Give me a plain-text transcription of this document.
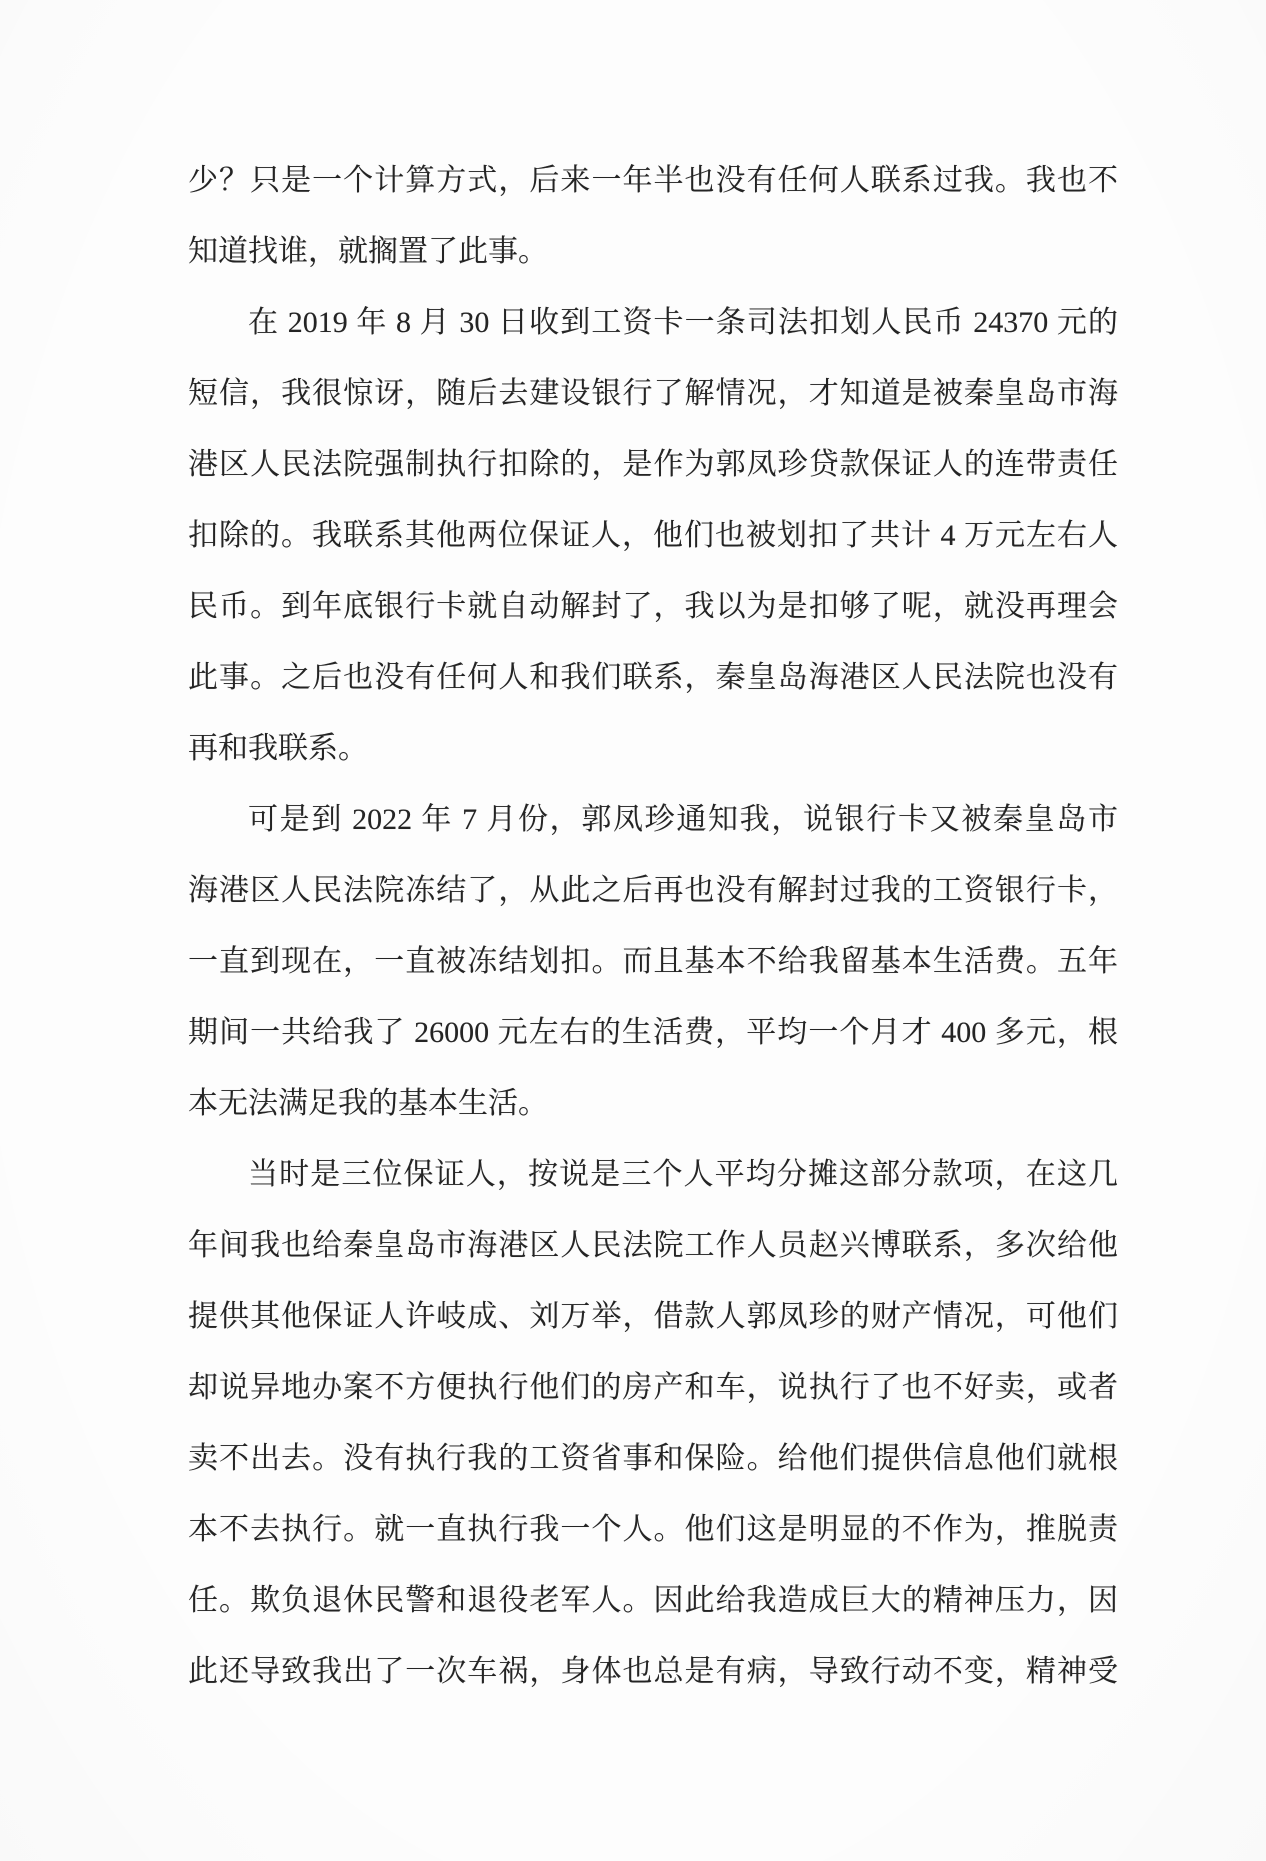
少？只是一个计算方式，后来一年半也没有任何人联系过我。我也不
知道找谁，就搁置了此事。
在 2019 年 8 月 30 日收到工资卡一条司法扣划人民币 24370 元的
短信，我很惊讶，随后去建设银行了解情况，才知道是被秦皇岛市海
港区人民法院强制执行扣除的，是作为郭凤珍贷款保证人的连带责任
扣除的。我联系其他两位保证人，他们也被划扣了共计 4 万元左右人
民币。到年底银行卡就自动解封了，我以为是扣够了呢，就没再理会
此事。之后也没有任何人和我们联系，秦皇岛海港区人民法院也没有
再和我联系。
可是到 2022 年 7 月份，郭凤珍通知我，说银行卡又被秦皇岛市
海港区人民法院冻结了，从此之后再也没有解封过我的工资银行卡，
一直到现在，一直被冻结划扣。而且基本不给我留基本生活费。五年
期间一共给我了 26000 元左右的生活费，平均一个月才 400 多元，根
本无法满足我的基本生活。
当时是三位保证人，按说是三个人平均分摊这部分款项，在这几
年间我也给秦皇岛市海港区人民法院工作人员赵兴博联系，多次给他
提供其他保证人许岐成、刘万举，借款人郭凤珍的财产情况，可他们
却说异地办案不方便执行他们的房产和车，说执行了也不好卖，或者
卖不出去。没有执行我的工资省事和保险。给他们提供信息他们就根
本不去执行。就一直执行我一个人。他们这是明显的不作为，推脱责
任。欺负退休民警和退役老军人。因此给我造成巨大的精神压力，因
此还导致我出了一次车祸，身体也总是有病，导致行动不变，精神受
